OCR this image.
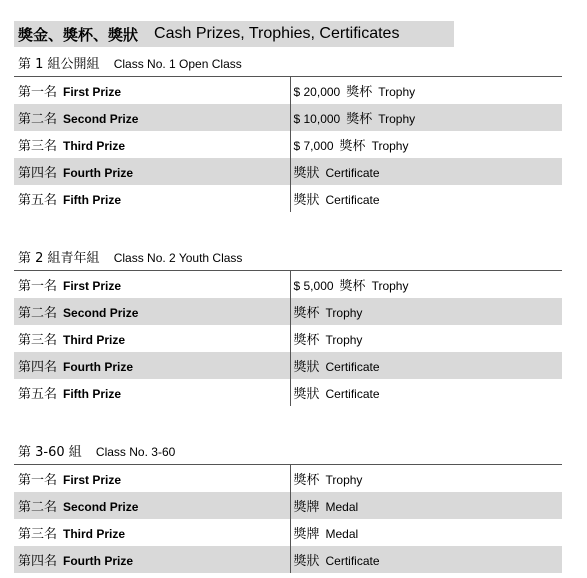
獎金、獎杯、獎狀 Cash Prizes, Trophies, Certificates
第 1 組公開組 Class No. 1 Open Class
第一名 First Prize	$ 20,000 獎杯 Trophy
第二名 Second Prize	$ 10,000 獎杯 Trophy
第三名 Third Prize	$ 7,000 獎杯 Trophy
第四名 Fourth Prize	獎狀 Certificate
第五名 Fifth Prize	獎狀 Certificate
第 2 組青年組 Class No. 2 Youth Class
第一名 First Prize	$ 5,000 獎杯 Trophy
第二名 Second Prize	獎杯 Trophy
第三名 Third Prize	獎杯 Trophy
第四名 Fourth Prize	獎狀 Certificate
第五名 Fifth Prize	獎狀 Certificate
第 3-60 組 Class No. 3-60
第一名 First Prize	獎杯 Trophy
第二名 Second Prize	獎牌 Medal
第三名 Third Prize	獎牌 Medal
第四名 Fourth Prize	獎狀 Certificate
